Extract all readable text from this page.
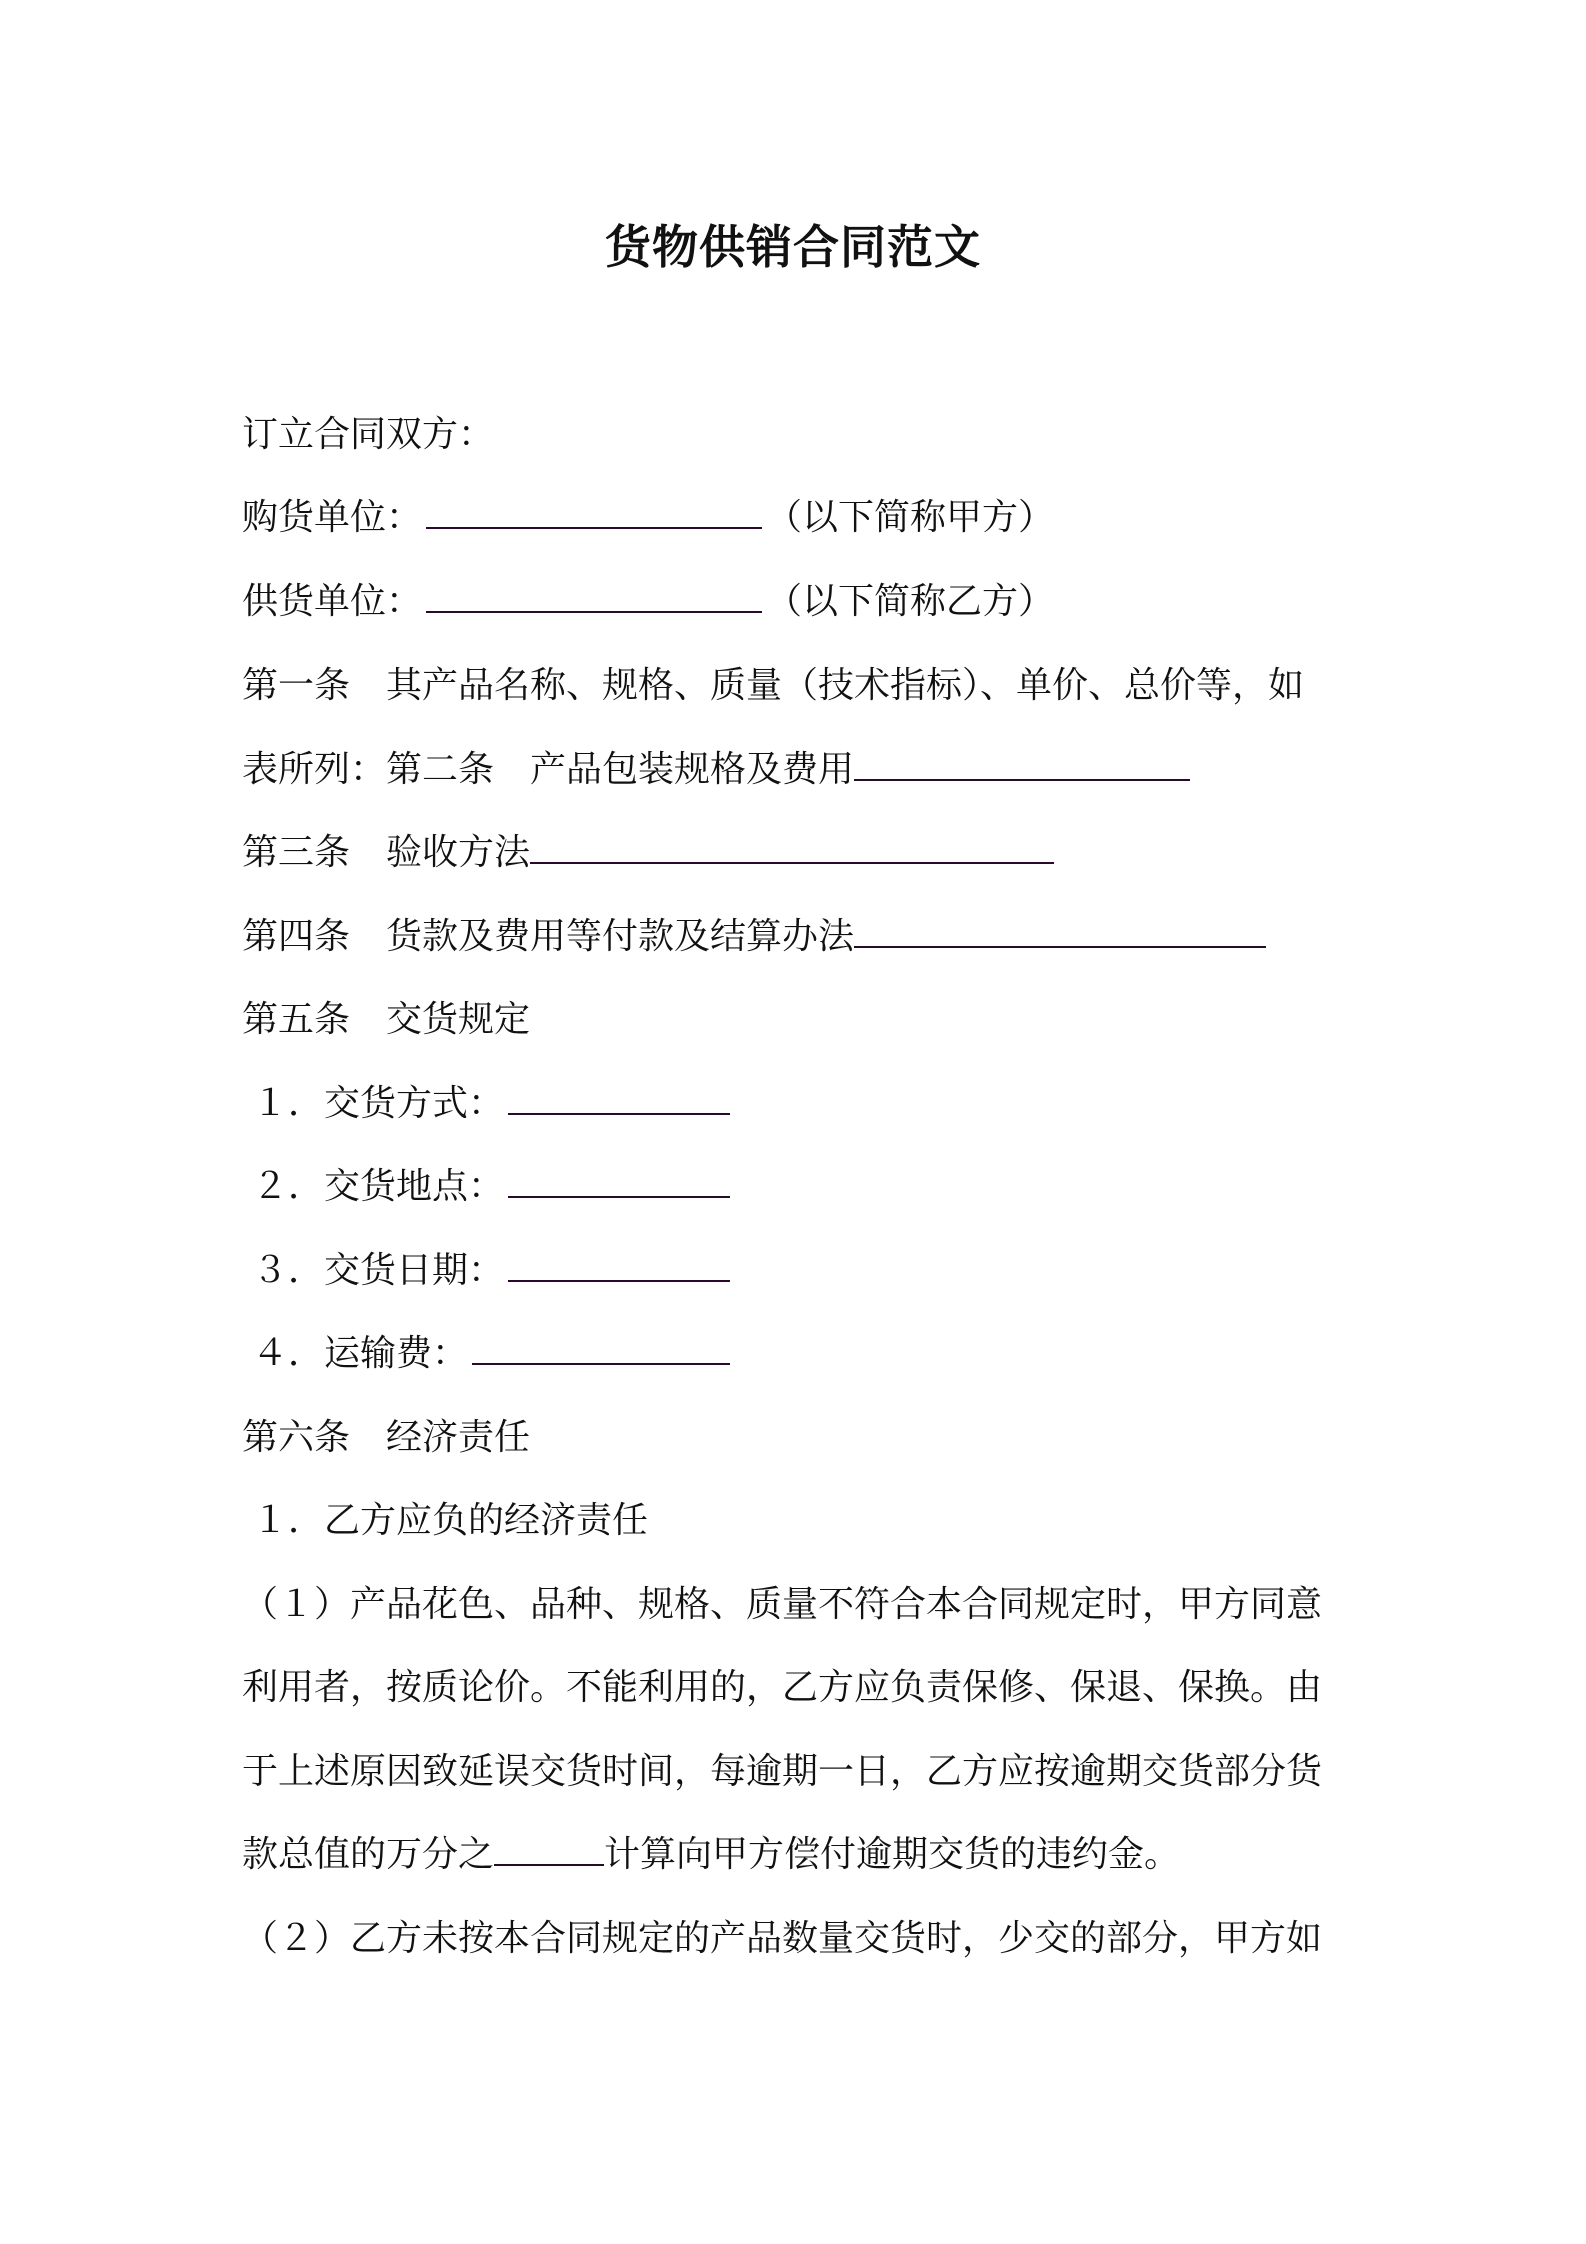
货物供销合同范文
订立合同双方：
购货单位：	（以下简称甲方）
供货单位：	（以下简称乙方）
第一条　其产品名称、规格、质量（技术指标）、单价、总价等，如
表所列：第二条　产品包装规格及费用
第三条　验收方法
第四条　货款及费用等付款及结算办法
第五条　交货规定
１．交货方式：
２．交货地点：
３．交货日期：
４．运输费：
第六条　经济责任
１．乙方应负的经济责任
（１）产品花色、品种、规格、质量不符合本合同规定时，甲方同意
利用者，按质论价。不能利用的，乙方应负责保修、保退、保换。由
于上述原因致延误交货时间，每逾期一日，乙方应按逾期交货部分货
款总值的万分之	计算向甲方偿付逾期交货的违约金。
（２）乙方未按本合同规定的产品数量交货时，少交的部分，甲方如
